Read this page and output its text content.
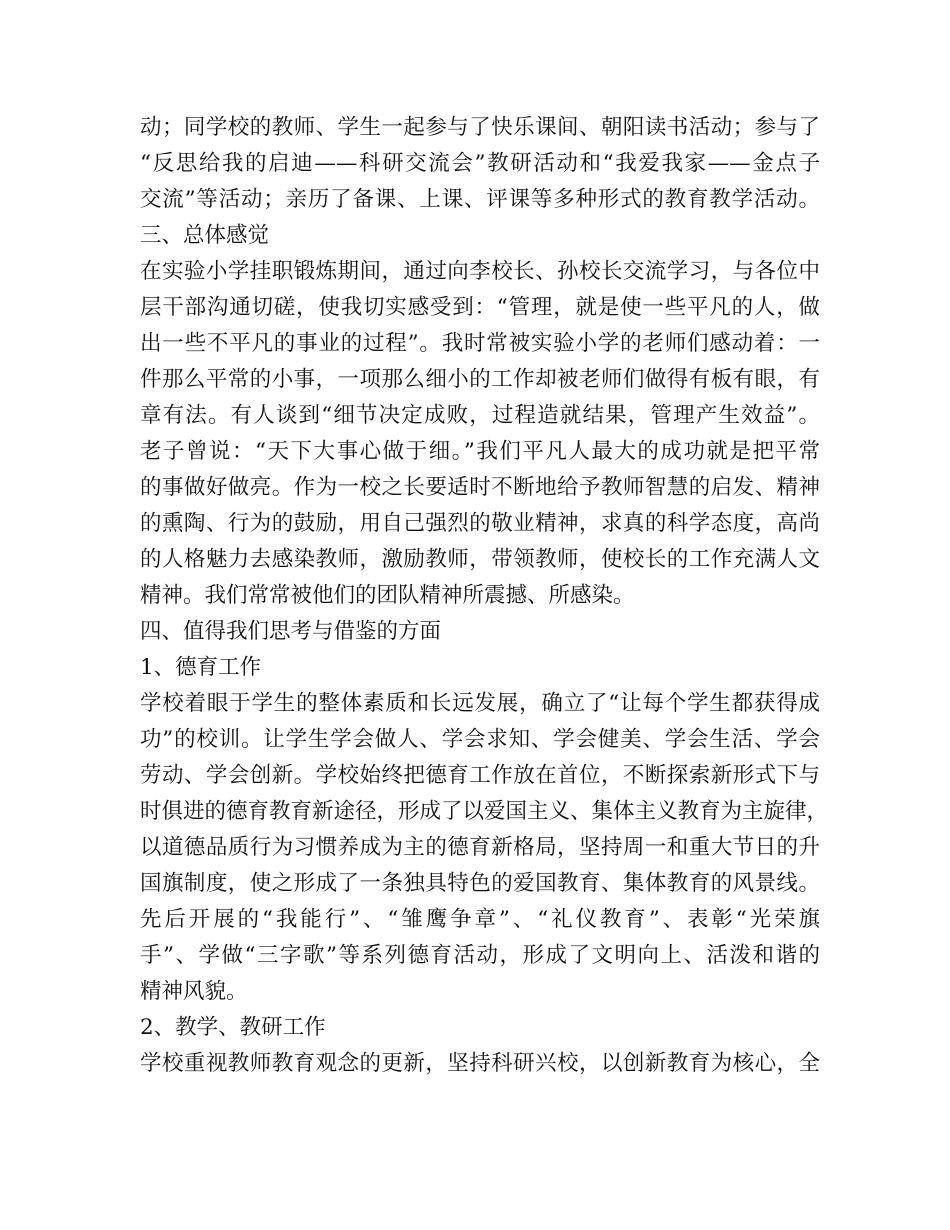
动；同学校的教师、学生一起参与了快乐课间、朝阳读书活动；参与了
“反思给我的启迪——科研交流会”教研活动和“我爱我家——金点子
交流”等活动；亲历了备课、上课、评课等多种形式的教育教学活动。
三、总体感觉
在实验小学挂职锻炼期间，通过向李校长、孙校长交流学习，与各位中
层干部沟通切磋，使我切实感受到：“管理，就是使一些平凡的人，做
出一些不平凡的事业的过程”。我时常被实验小学的老师们感动着：一
件那么平常的小事，一项那么细小的工作却被老师们做得有板有眼，有
章有法。有人谈到“细节决定成败，过程造就结果，管理产生效益”。
老子曾说：“天下大事心做于细。”我们平凡人最大的成功就是把平常
的事做好做亮。作为一校之长要适时不断地给予教师智慧的启发、精神
的熏陶、行为的鼓励，用自己强烈的敬业精神，求真的科学态度，高尚
的人格魅力去感染教师，激励教师，带领教师，使校长的工作充满人文
精神。我们常常被他们的团队精神所震撼、所感染。
四、值得我们思考与借鉴的方面
1、德育工作
学校着眼于学生的整体素质和长远发展，确立了“让每个学生都获得成
功”的校训。让学生学会做人、学会求知、学会健美、学会生活、学会
劳动、学会创新。学校始终把德育工作放在首位，不断探索新形式下与
时俱进的德育教育新途径，形成了以爱国主义、集体主义教育为主旋律，
以道德品质行为习惯养成为主的德育新格局，坚持周一和重大节日的升
国旗制度，使之形成了一条独具特色的爱国教育、集体教育的风景线。
先后开展的“我能行”、“雏鹰争章”、“礼仪教育”、表彰“光荣旗
手”、学做“三字歌”等系列德育活动，形成了文明向上、活泼和谐的
精神风貌。
2、教学、教研工作
学校重视教师教育观念的更新，坚持科研兴校，以创新教育为核心，全
